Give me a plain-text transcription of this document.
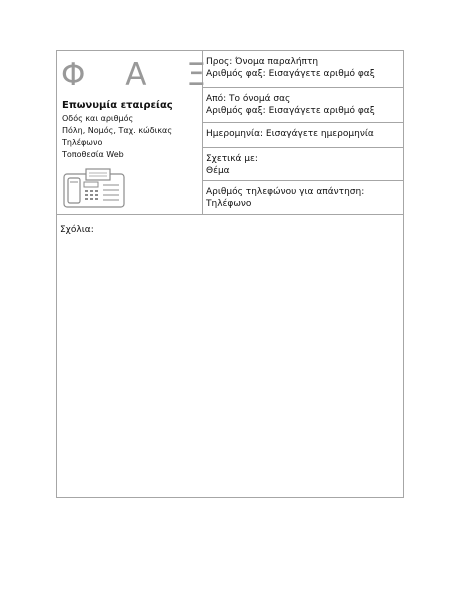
Φ Α Ξ
Επωνυμία εταιρείας
Οδός και αριθμός
Πόλη, Νομός, Ταχ. κώδικας
Τηλέφωνο
Τοποθεσία Web
Προς: Όνομα παραλήπτη
Αριθμός φαξ: Εισαγάγετε αριθμό φαξ
Από: Το όνομά σας
Αριθμός φαξ: Εισαγάγετε αριθμό φαξ
Ημερομηνία: Εισαγάγετε ημερομηνία
Σχετικά με:
Θέμα
Αριθμός τηλεφώνου για απάντηση:
Τηλέφωνο
Σχόλια:
